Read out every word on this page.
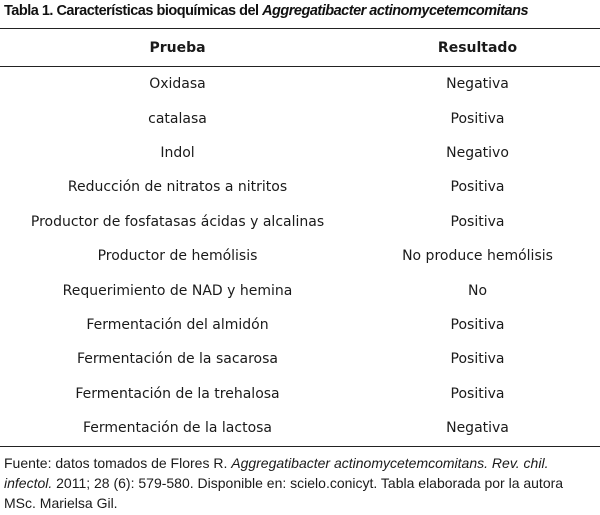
Tabla 1. Características bioquímicas del Aggregatibacter actinomycetemcomitans
Prueba	Resultado
Oxidasa	Negativa
catalasa	Positiva
Indol	Negativo
Reducción de nitratos a nitritos	Positiva
Productor de fosfatasas ácidas y alcalinas	Positiva
Productor de hemólisis	No produce hemólisis
Requerimiento de NAD y hemina	No
Fermentación del almidón	Positiva
Fermentación de la sacarosa	Positiva
Fermentación de la trehalosa	Positiva
Fermentación de la lactosa	Negativa
Fuente: datos tomados de Flores R. Aggregatibacter actinomycetemcomitans. Rev. chil. infectol. 2011; 28 (6): 579-580. Disponible en: scielo.conicyt. Tabla elaborada por la autora MSc. Marielsa Gil.
